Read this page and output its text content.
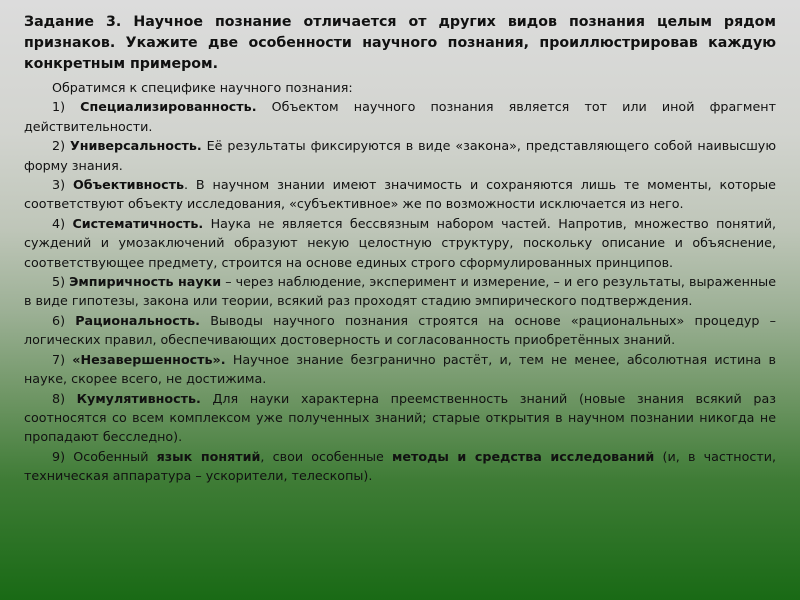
Задание 3. Научное познание отличается от других видов познания целым рядом признаков. Укажите две особенности научного познания, проиллюстрировав каждую конкретным примером.

Обратимся к специфике научного познания:

1) Специализированность. Объектом научного познания является тот или иной фрагмент действительности.

2) Универсальность. Её результаты фиксируются в виде «закона», представляющего собой наивысшую форму знания.

3) Объективность. В научном знании имеют значимость и сохраняются лишь те моменты, которые соответствуют объекту исследования, «субъективное» же по возможности исключается из него.

4) Систематичность. Наука не является бессвязным набором частей. Напротив, множество понятий, суждений и умозаключений образуют некую целостную структуру, поскольку описание и объяснение, соответствующее предмету, строится на основе единых строго сформулированных принципов.

5) Эмпиричность науки – через наблюдение, эксперимент и измерение, – и его результаты, выраженные в виде гипотезы, закона или теории, всякий раз проходят стадию эмпирического подтверждения.

6) Рациональность. Выводы научного познания строятся на основе «рациональных» процедур – логических правил, обеспечивающих достоверность и согласованность приобретённых знаний.

7) «Незавершенность». Научное знание безгранично растёт, и, тем не менее, абсолютная истина в науке, скорее всего, не достижима.

8) Кумулятивность. Для науки характерна преемственность знаний (новые знания всякий раз соотносятся со всем комплексом уже полученных знаний; старые открытия в научном познании никогда не пропадают бесследно).

9) Особенный язык понятий, свои особенные методы и средства исследований (и, в частности, техническая аппаратура – ускорители, телескопы).
